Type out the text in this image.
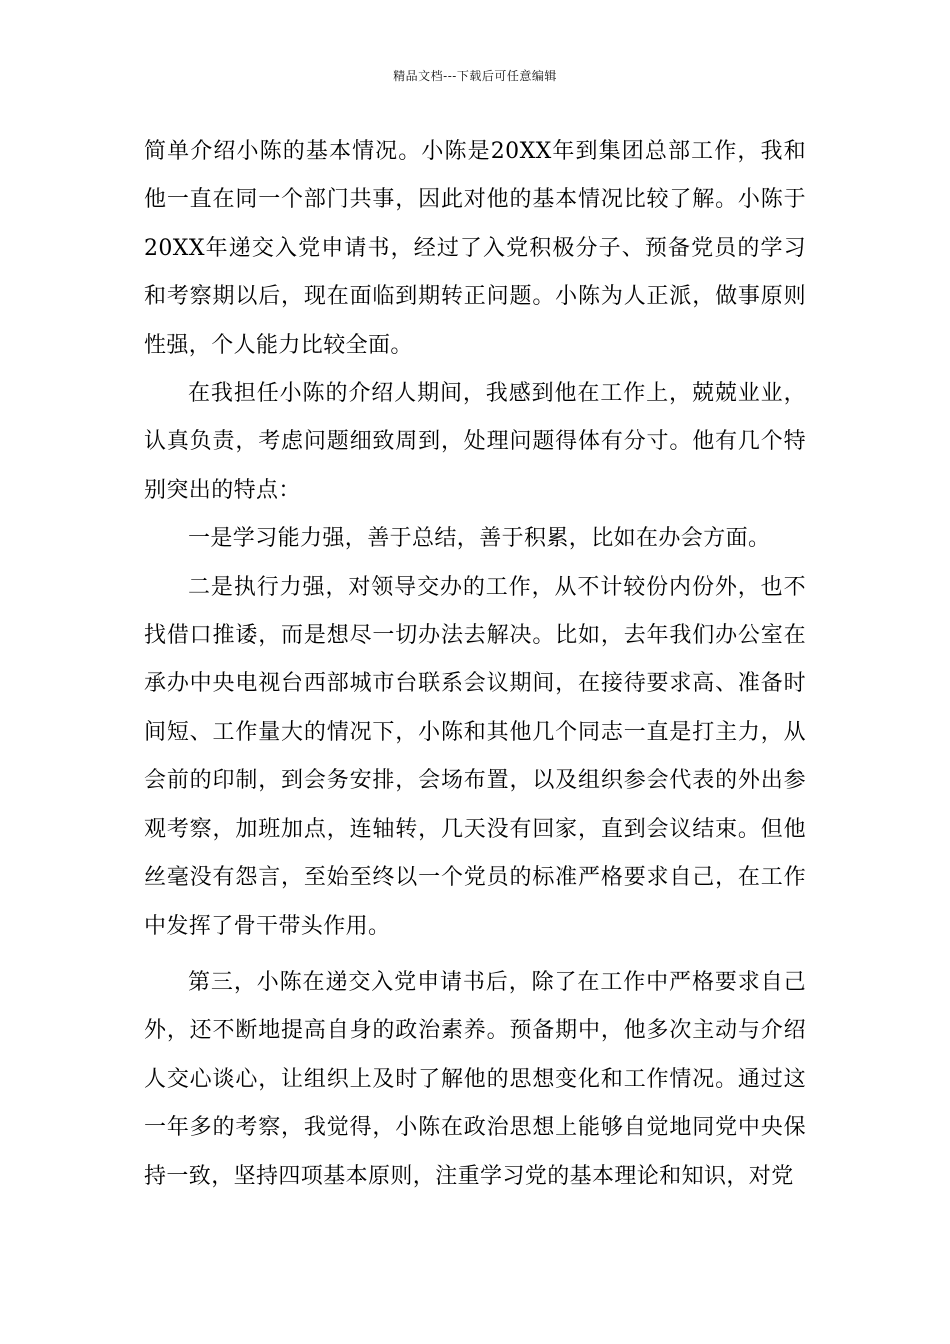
精品文档---下载后可任意编辑

简单介绍小陈的基本情况。小陈是20XX年到集团总部工作，我和他一直在同一个部门共事，因此对他的基本情况比较了解。小陈于20XX年递交入党申请书，经过了入党积极分子、预备党员的学习和考察期以后，现在面临到期转正问题。小陈为人正派，做事原则性强，个人能力比较全面。

在我担任小陈的介绍人期间，我感到他在工作上，兢兢业业，认真负责，考虑问题细致周到，处理问题得体有分寸。他有几个特别突出的特点：

一是学习能力强，善于总结，善于积累，比如在办会方面。

二是执行力强，对领导交办的工作，从不计较份内份外，也不找借口推诿，而是想尽一切办法去解决。比如，去年我们办公室在承办中央电视台西部城市台联系会议期间，在接待要求高、准备时间短、工作量大的情况下，小陈和其他几个同志一直是打主力，从会前的印制，到会务安排，会场布置，以及组织参会代表的外出参观考察，加班加点，连轴转，几天没有回家，直到会议结束。但他丝毫没有怨言，至始至终以一个党员的标准严格要求自己，在工作中发挥了骨干带头作用。

第三，小陈在递交入党申请书后，除了在工作中严格要求自己外，还不断地提高自身的政治素养。预备期中，他多次主动与介绍人交心谈心，让组织上及时了解他的思想变化和工作情况。通过这一年多的考察，我觉得，小陈在政治思想上能够自觉地同党中央保持一致，坚持四项基本原则，注重学习党的基本理论和知识，对党
